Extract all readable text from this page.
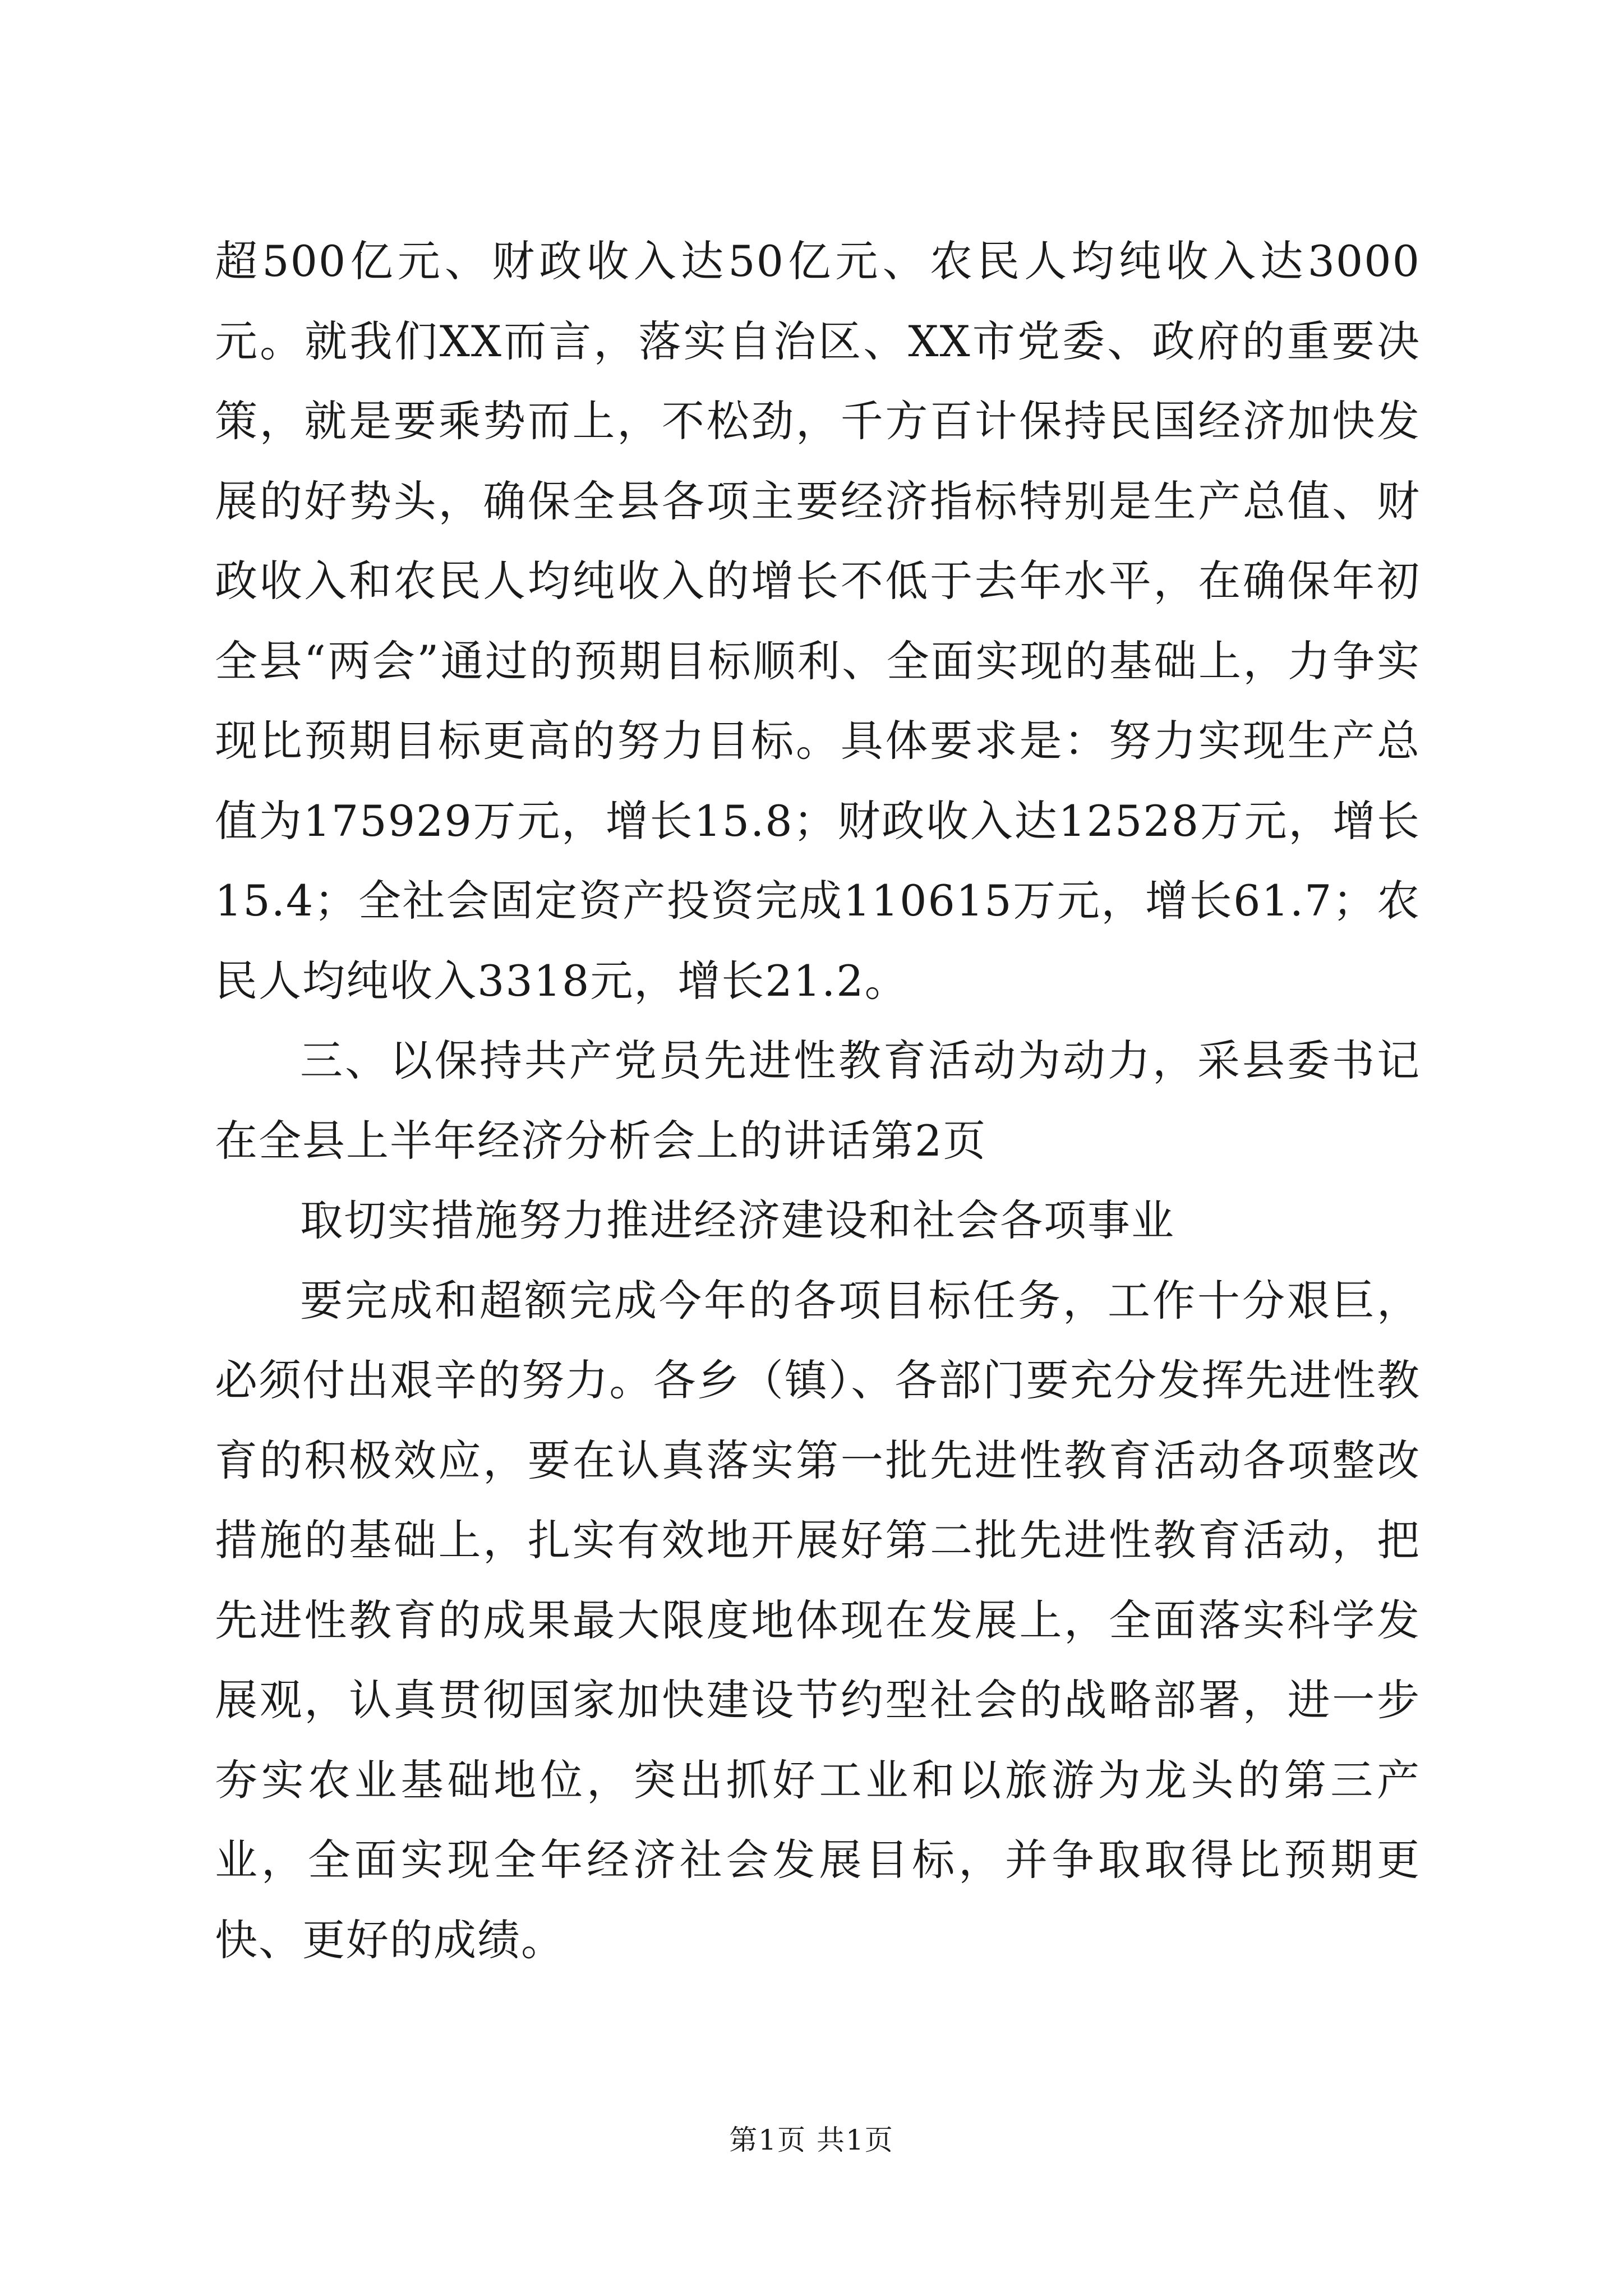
超500亿元、财政收入达50亿元、农民人均纯收入达3000元。就我们XX而言，落实自治区、XX市党委、政府的重要决策，就是要乘势而上，不松劲，千方百计保持民国经济加快发展的好势头，确保全县各项主要经济指标特别是生产总值、财政收入和农民人均纯收入的增长不低于去年水平，在确保年初全县“两会”通过的预期目标顺利、全面实现的基础上，力争实现比预期目标更高的努力目标。具体要求是：努力实现生产总值为175929万元，增长15.8；财政收入达12528万元，增长15.4；全社会固定资产投资完成110615万元，增长61.7；农民人均纯收入3318元，增长21.2。

三、以保持共产党员先进性教育活动为动力，采县委书记在全县上半年经济分析会上的讲话第2页

取切实措施努力推进经济建设和社会各项事业

要完成和超额完成今年的各项目标任务，工作十分艰巨，必须付出艰辛的努力。各乡（镇）、各部门要充分发挥先进性教育的积极效应，要在认真落实第一批先进性教育活动各项整改措施的基础上，扎实有效地开展好第二批先进性教育活动，把先进性教育的成果最大限度地体现在发展上，全面落实科学发展观，认真贯彻国家加快建设节约型社会的战略部署，进一步夯实农业基础地位，突出抓好工业和以旅游为龙头的第三产业，全面实现全年经济社会发展目标，并争取取得比预期更快、更好的成绩。

第1页 共1页
